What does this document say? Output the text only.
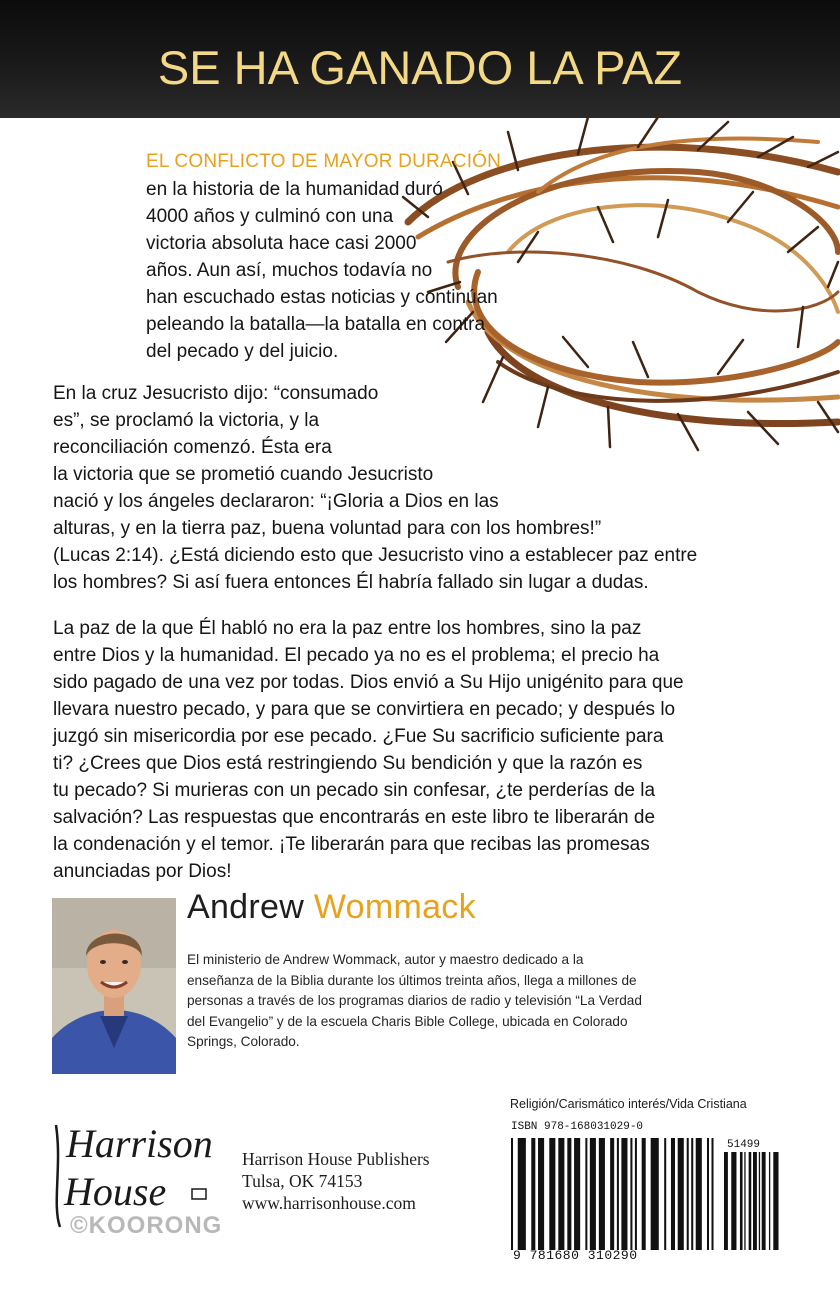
SE HA GANADO LA PAZ
EL CONFLICTO DE MAYOR DURACIÓN
en la historia de la humanidad duró
4000 años y culminó con una
victoria absoluta hace casi 2000
años. Aun así, muchos todavía no
han escuchado estas noticias y continúan
peleando la batalla—la batalla en contra
del pecado y del juicio.
En la cruz Jesucristo dijo: “consumado
es”, se proclamó la victoria, y la
reconciliación comenzó. Ésta era
la victoria que se prometió cuando Jesucristo
nació y los ángeles declararon: “¡Gloria a Dios en las
alturas, y en la tierra paz, buena voluntad para con los hombres!”
(Lucas 2:14). ¿Está diciendo esto que Jesucristo vino a establecer paz entre
los hombres? Si así fuera entonces Él habría fallado sin lugar a dudas.
La paz de la que Él habló no era la paz entre los hombres, sino la paz
entre Dios y la humanidad. El pecado ya no es el problema; el precio ha
sido pagado de una vez por todas. Dios envió a Su Hijo unigénito para que
llevara nuestro pecado, y para que se convirtiera en pecado; y después lo
juzgó sin misericordia por ese pecado. ¿Fue Su sacrificio suficiente para
ti? ¿Crees que Dios está restringiendo Su bendición y que la razón es
tu pecado? Si murieras con un pecado sin confesar, ¿te perderías de la
salvación? Las respuestas que encontrarás en este libro te liberarán de
la condenación y el temor. ¡Te liberarán para que recibas las promesas
anunciadas por Dios!
Andrew Wommack
El ministerio de Andrew Wommack, autor y maestro dedicado a la
enseñanza de la Biblia durante los últimos treinta años, llega a millones de
personas a través de los programas diarios de radio y televisión “La Verdad
del Evangelio” y de la escuela Charis Bible College, ubicada en Colorado
Springs, Colorado.
Religión/Carismático interés/Vida Cristiana
Harrison
House
Harrison House Publishers
Tulsa, OK 74153
www.harrisonhouse.com
©KOORONG
ISBN 978-168031029-0
51499
9 781680 310290
